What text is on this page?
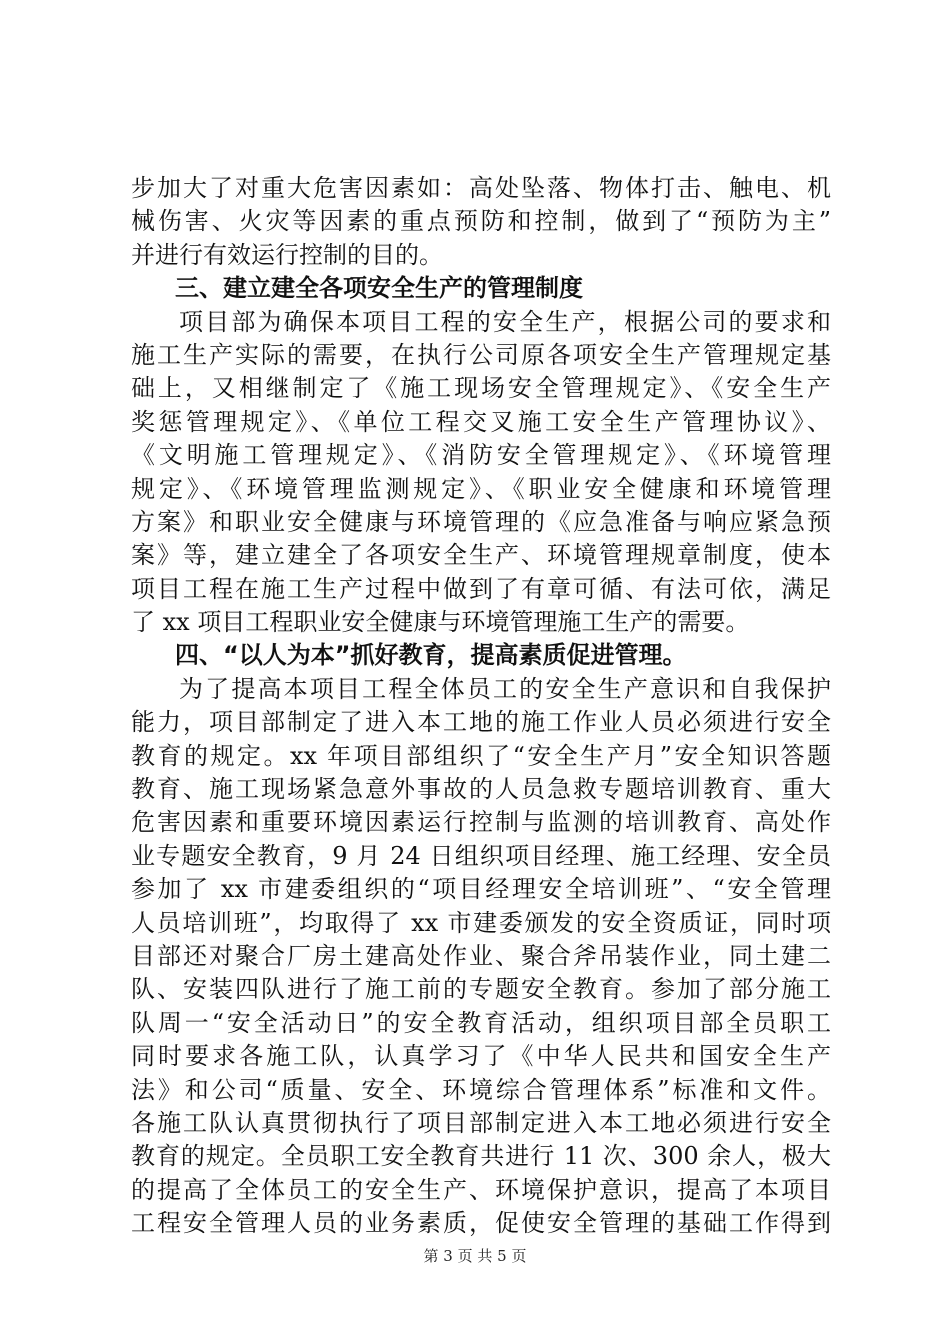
步加大了对重大危害因素如：高处坠落、物体打击、触电、机
械伤害、火灾等因素的重点预防和控制，做到了“预防为主”
并进行有效运行控制的目的。
三、建立建全各项安全生产的管理制度
项目部为确保本项目工程的安全生产，根据公司的要求和
施工生产实际的需要，在执行公司原各项安全生产管理规定基
础上，又相继制定了《施工现场安全管理规定》、《安全生产
奖惩管理规定》、《单位工程交叉施工安全生产管理协议》、
《文明施工管理规定》、《消防安全管理规定》、《环境管理
规定》、《环境管理监测规定》、《职业安全健康和环境管理
方案》和职业安全健康与环境管理的《应急准备与响应紧急预
案》等，建立建全了各项安全生产、环境管理规章制度，使本
项目工程在施工生产过程中做到了有章可循、有法可依，满足
了 xx 项目工程职业安全健康与环境管理施工生产的需要。
四、“以人为本”抓好教育，提高素质促进管理。
为了提高本项目工程全体员工的安全生产意识和自我保护
能力，项目部制定了进入本工地的施工作业人员必须进行安全
教育的规定。xx 年项目部组织了“安全生产月”安全知识答题
教育、施工现场紧急意外事故的人员急救专题培训教育、重大
危害因素和重要环境因素运行控制与监测的培训教育、高处作
业专题安全教育，9 月 24 日组织项目经理、施工经理、安全员
参加了 xx 市建委组织的“项目经理安全培训班”、“安全管理
人员培训班”，均取得了 xx 市建委颁发的安全资质证，同时项
目部还对聚合厂房土建高处作业、聚合斧吊装作业，同土建二
队、安装四队进行了施工前的专题安全教育。参加了部分施工
队周一“安全活动日”的安全教育活动，组织项目部全员职工
同时要求各施工队，认真学习了《中华人民共和国安全生产
法》和公司“质量、安全、环境综合管理体系”标准和文件。
各施工队认真贯彻执行了项目部制定进入本工地必须进行安全
教育的规定。全员职工安全教育共进行 11 次、300 余人，极大
的提高了全体员工的安全生产、环境保护意识，提高了本项目
工程安全管理人员的业务素质，促使安全管理的基础工作得到
第 3 页 共 5 页
